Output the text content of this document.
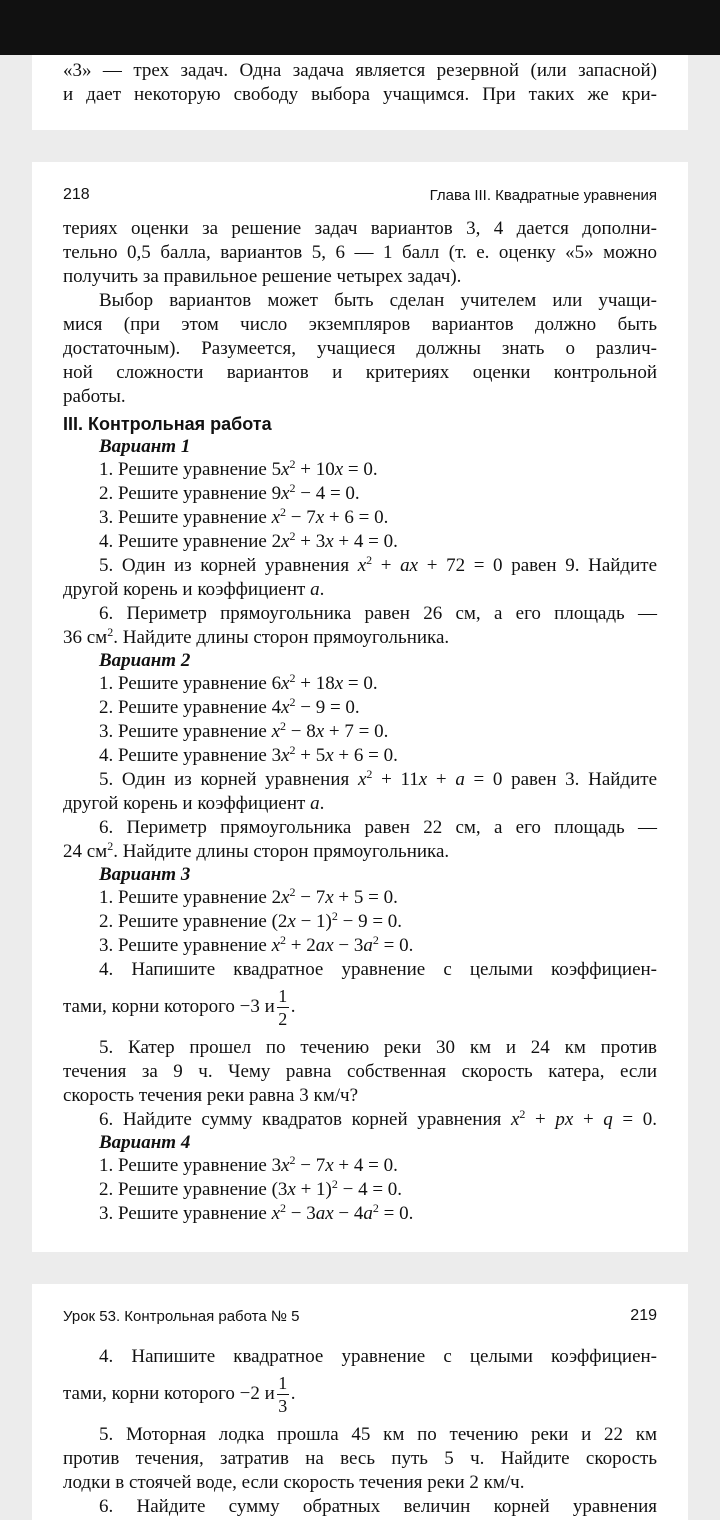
«3» — трех задач. Одна задача является резервной (или запасной)

и дает некоторую свободу выбора учащимся. При таких же кри-

218	Глава III. Квадратные уравнения

териях оценки за решение задач вариантов 3, 4 дается дополни-

тельно 0,5 балла, вариантов 5, 6 — 1 балл (т. е. оценку «5» можно

получить за правильное решение четырех задач).

Выбор вариантов может быть сделан учителем или учащи-

мися (при этом число экземпляров вариантов должно быть

достаточным). Разумеется, учащиеся должны знать о различ-

ной сложности вариантов и критериях оценки контрольной

работы.

III. Контрольная работа

Вариант 1

1. Решите уравнение $5x^2 + 10x = 0$.

2. Решите уравнение $9x^2 - 4 = 0$.

3. Решите уравнение $x^2 - 7x + 6 = 0$.

4. Решите уравнение $2x^2 + 3x + 4 = 0$.

5. Один из корней уравнения $x^2$ + ax + 72 = 0 равен 9. Найдите

другой корень и коэффициент a.

6. Периметр прямоугольника равен 26 см, а его площадь —

36 $см^2$. Найдите длины сторон прямоугольника.

Вариант 2

1. Решите уравнение $6x^2 + 18x = 0$.

2. Решите уравнение $4x^2 - 9 = 0$.

3. Решите уравнение $x^2 - 8x + 7 = 0$.

4. Решите уравнение $3x^2 + 5x + 6 = 0$.

5. Один из корней уравнения $x^2 + 11x + a = 0$ равен 3. Найдите

другой корень и коэффициент a.

6. Периметр прямоугольника равен 22 см, а его площадь —

24 $см^2$. Найдите длины сторон прямоугольника.

Вариант 3

1. Решите уравнение $2x^2 - 7x + 5 = 0$.

2. Решите уравнение $(2x - 1)^2 - 9 = 0$.

3. Решите уравнение $x^2 + 2ax - 3a^2 = 0$.

4. Напишите квадратное уравнение с целыми коэффициен-

тами, корни которого −3 и $\frac{1}{2}$ .

5. Катер прошел по течению реки 30 км и 24 км против

течения за 9 ч. Чему равна собственная скорость катера, если

скорость течения реки равна 3 км/ч?

6. Найдите сумму квадратов корней уравнения $x^2$ + px + q = 0.

Вариант 4

1. Решите уравнение $3x^2 - 7x + 4 = 0$.

2. Решите уравнение $(3x + 1)^2 - 4 = 0$.

3. Решите уравнение $x^2 - 3ax - 4a^2 = 0$.

Урок 53. Контрольная работа № 5	219

4. Напишите квадратное уравнение с целыми коэффициен-

тами, корни которого −2 и $\frac{1}{3}$ .

5. Моторная лодка прошла 45 км по течению реки и 22 км

против течения, затратив на весь путь 5 ч. Найдите скорость

лодки в стоячей воде, если скорость течения реки 2 км/ч.

6. Найдите сумму обратных величин корней уравнения
